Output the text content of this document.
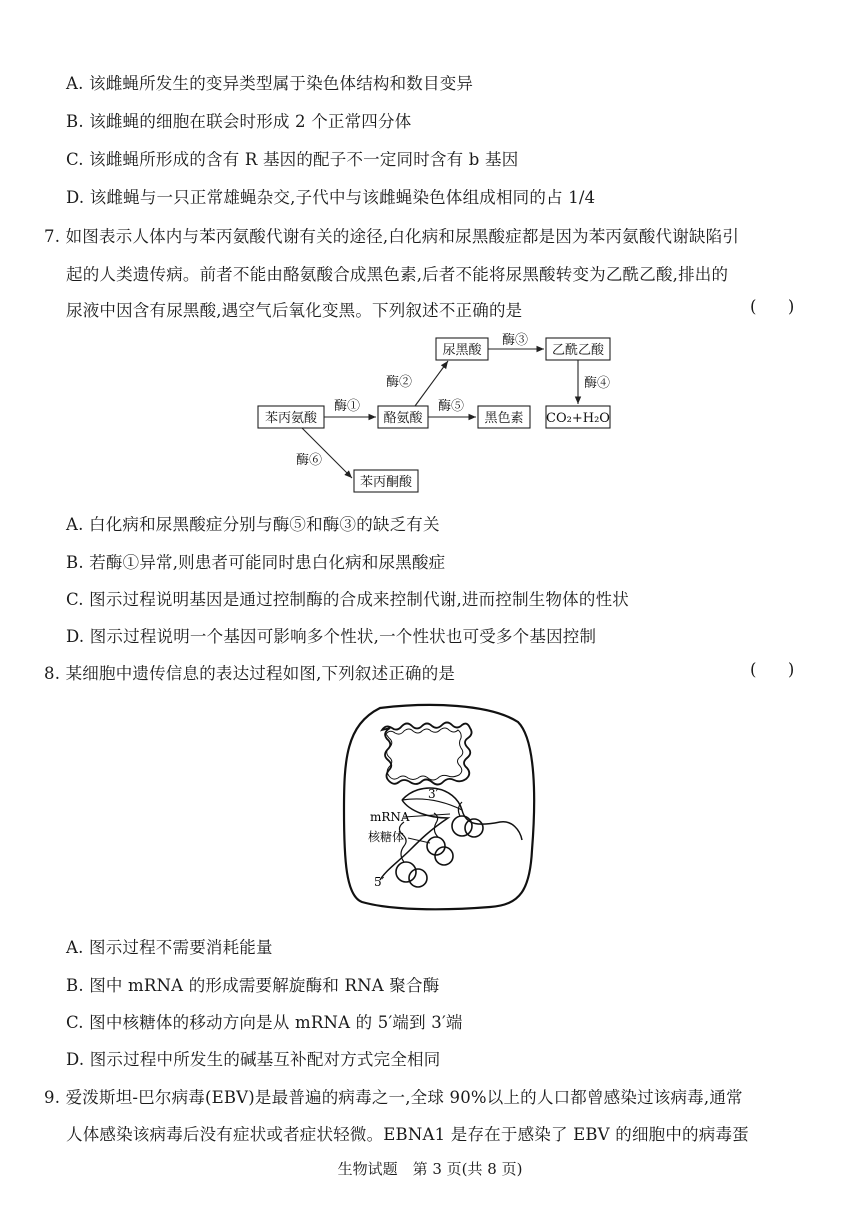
A. 该雌蝇所发生的变异类型属于染色体结构和数目变异
B. 该雌蝇的细胞在联会时形成 2 个正常四分体
C. 该雌蝇所形成的含有 R 基因的配子不一定同时含有 b 基因
D. 该雌蝇与一只正常雄蝇杂交,子代中与该雌蝇染色体组成相同的占 1/4
7. 如图表示人体内与苯丙氨酸代谢有关的途径,白化病和尿黑酸症都是因为苯丙氨酸代谢缺陷引
起的人类遗传病。前者不能由酪氨酸合成黑色素,后者不能将尿黑酸转变为乙酰乙酸,排出的
尿液中因含有尿黑酸,遇空气后氧化变黑。下列叙述不正确的是	(      )
苯丙氨酸	酪氨酸
尿黑酸	乙酰乙酸
黑色素 CO₂+H₂O
苯丙酮酸
酶①
酶②
酶③
酶④
酶⑤
酶⑥
A. 白化病和尿黑酸症分别与酶⑤和酶③的缺乏有关
B. 若酶①异常,则患者可能同时患白化病和尿黑酸症
C. 图示过程说明基因是通过控制酶的合成来控制代谢,进而控制生物体的性状
D. 图示过程说明一个基因可影响多个性状,一个性状也可受多个基因控制
8. 某细胞中遗传信息的表达过程如图,下列叙述正确的是	(      )
3′
mRNA
核糖体
5′
A. 图示过程不需要消耗能量
B. 图中 mRNA 的形成需要解旋酶和 RNA 聚合酶
C. 图中核糖体的移动方向是从 mRNA 的 5′端到 3′端
D. 图示过程中所发生的碱基互补配对方式完全相同
9. 爱泼斯坦-巴尔病毒(EBV)是最普遍的病毒之一,全球 90%以上的人口都曾感染过该病毒,通常
人体感染该病毒后没有症状或者症状轻微。EBNA1 是存在于感染了 EBV 的细胞中的病毒蛋
生物试题　第 3 页(共 8 页)
